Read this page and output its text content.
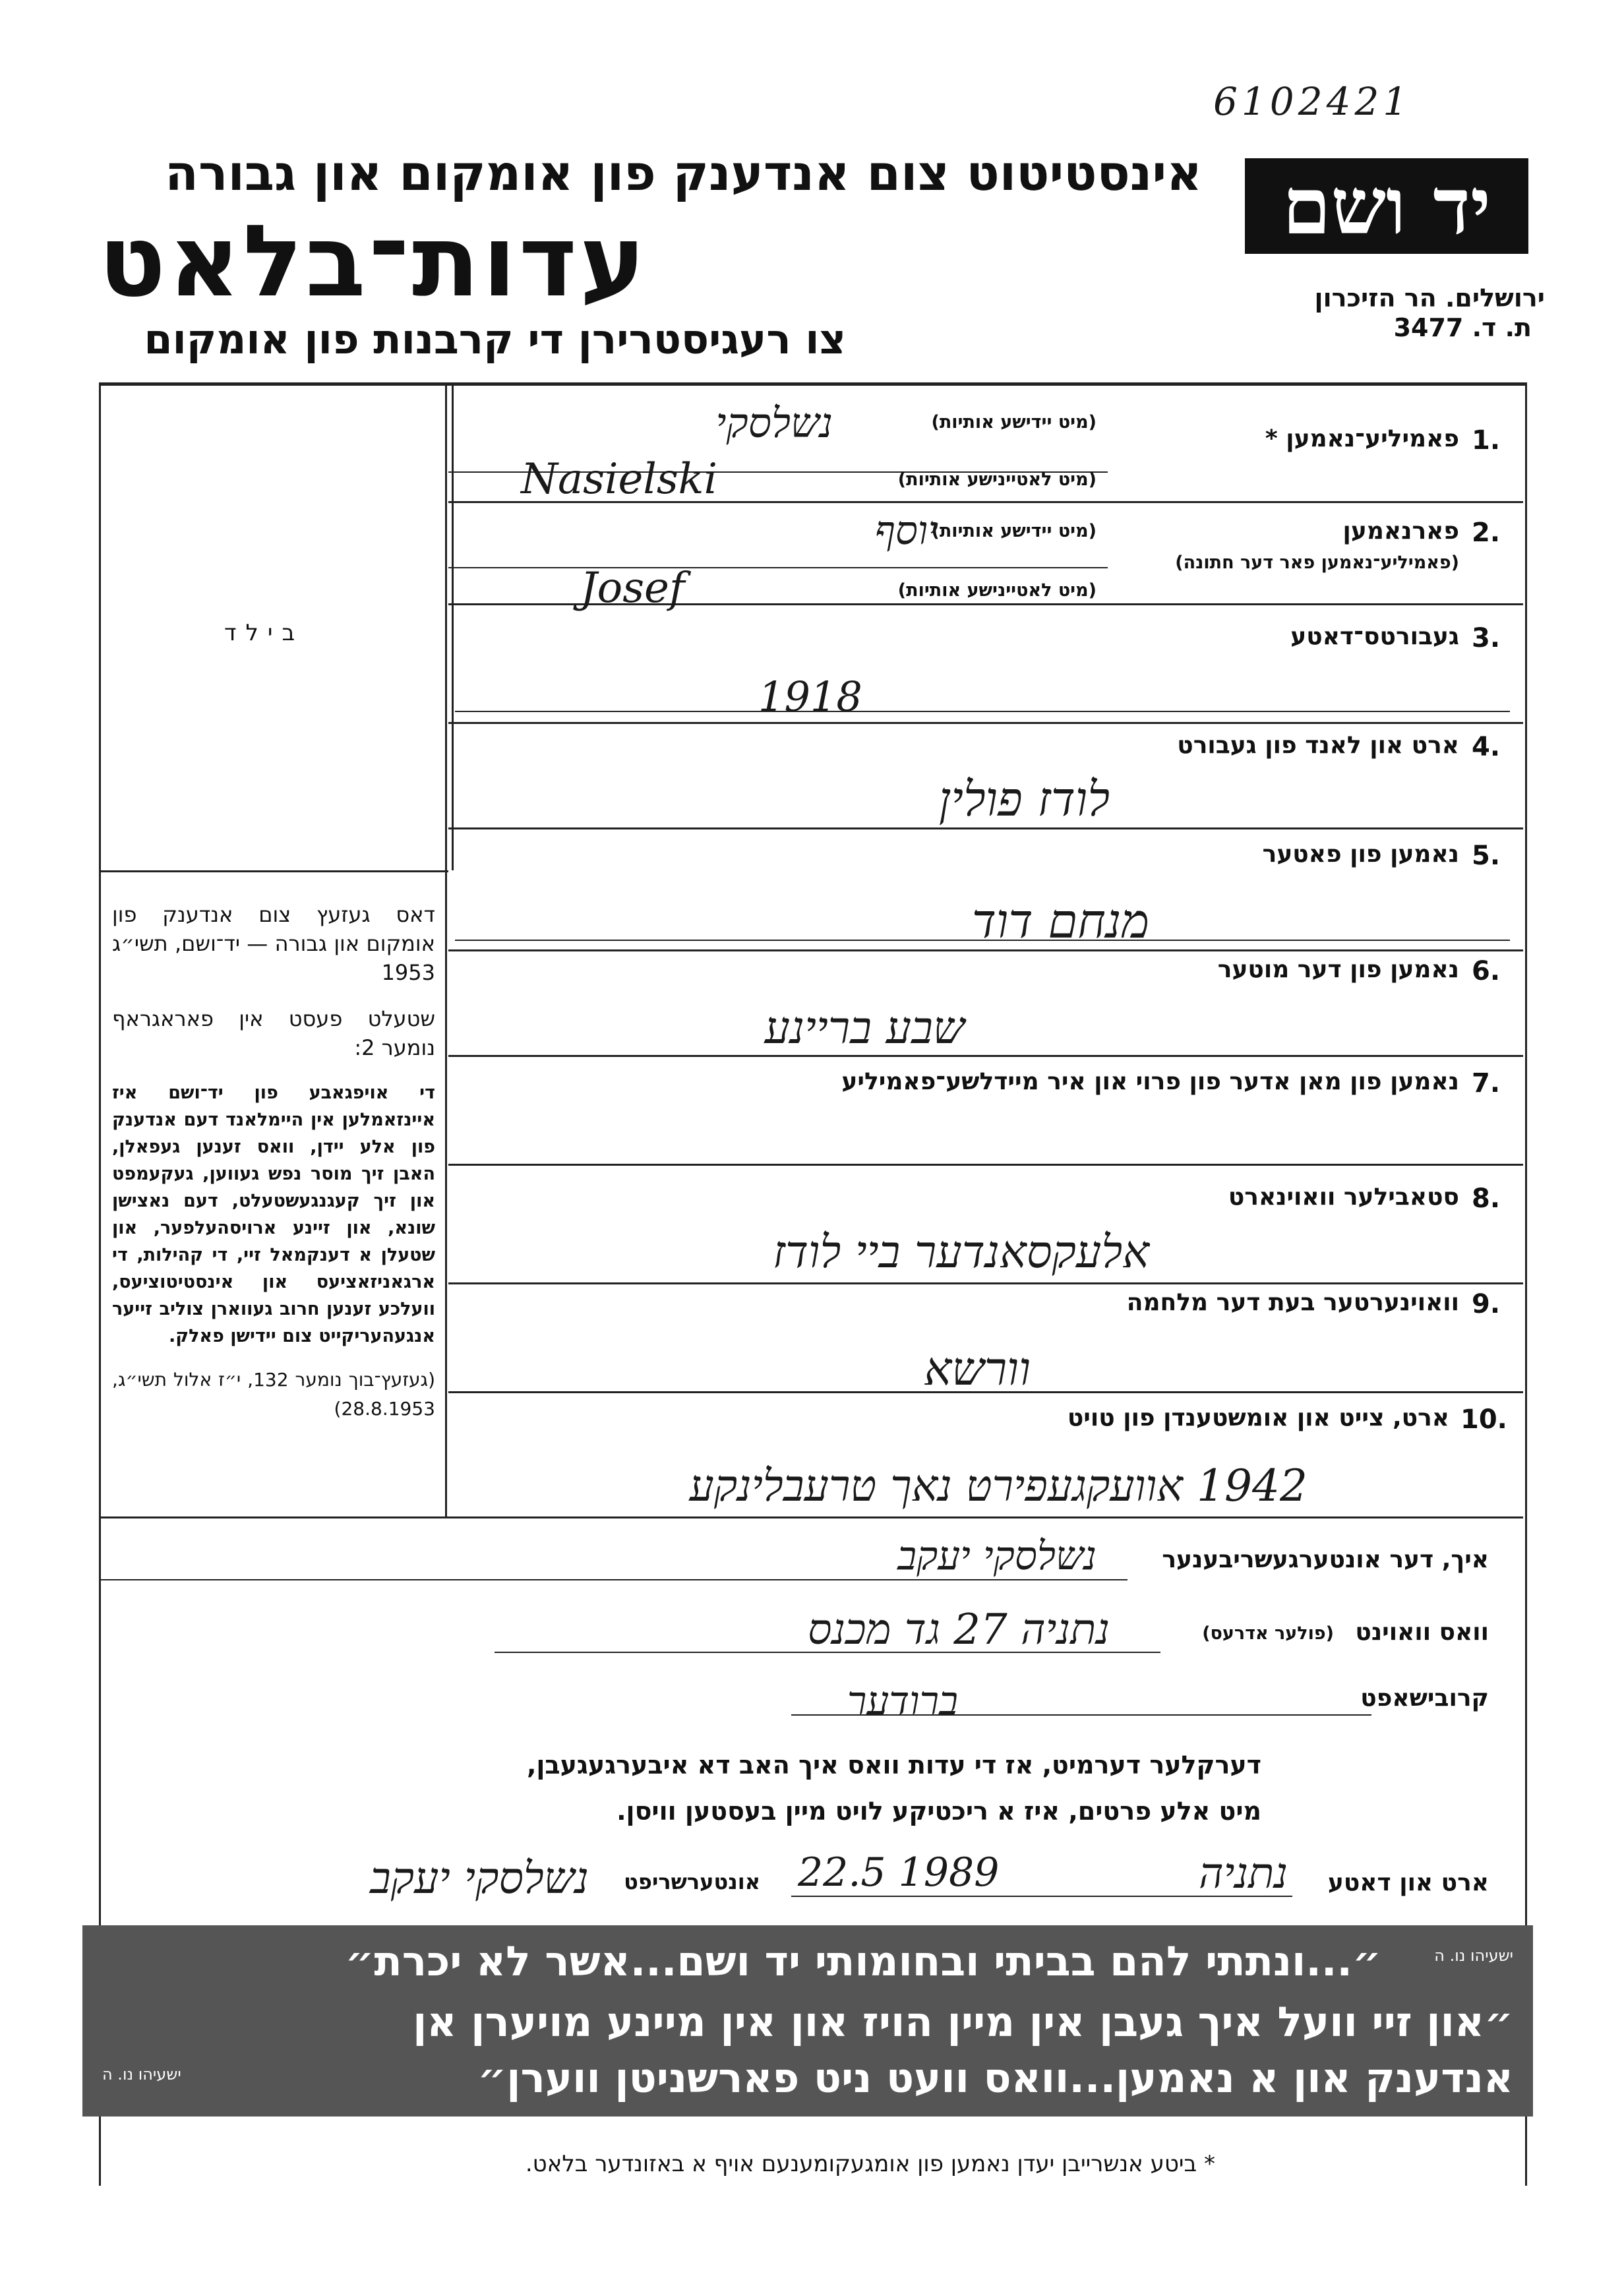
6102421
אינסטיטוט צום אנדענק פון אומקום און גבורה
עדות־בלאט
צו רעגיסטרירן די קרבנות פון אומקום
יד ושם
ירושלים. הר הזיכרון
ת. ד. 3477
בילד

דאס געזעץ צום אנדענק פון אומקום און גבורה — יד־ושם, תשי״ג 1953

שטעלט פעסט אין פאראגראף נומער 2:

די אויפגאבע פון יד־ושם איז איינזאמלען אין היימלאנד דעם אנדענק פון אלע יידן, וואס זענען געפאלן, האבן זיך מוסר נפש געווען, געקעמפט און זיך קעגנגעשטעלט, דעם נאצישן שונא, און זיינע ארויסהעלפער, און שטעלן א דענקמאל זיי, די קהילות, די ארגאניזאציעס און אינסטיטוציעס, וועלכע זענען חרוב געווארן צוליב זייער אנגעהעריקייט צום יידישן פאלק.

(געזעץ־בוך נומער 132, י״ז אלול תשי״ג, 28.8.1953)

1.
פאמיליע־נאמען *
(מיט יידישע אותיות)
(מיט לאטיינישע אותיות)
נשלסקי
Nasielski
2.
פארנאמען
(פאמיליע־נאמען פאר דער חתונה)
(מיט יידישע אותיות)
(מיט לאטיינישע אותיות)
יוסף
Josef
3.
געבורטס־דאטע
1918
4.
ארט און לאנד פון געבורט
לודז פולין
5.
נאמען פון פאטער
מנחם דוד
6.
נאמען פון דער מוטער
שבע בריינע
7.
נאמען פון מאן אדער פון פרוי און איר מיידלשע־פאמיליע
8.
סטאבילער וואוינארט
אלעקסאנדער ביי לודז
9.
וואוינערטער בעת דער מלחמה
וורשא
10.
ארט, צייט און אומשטענדן פון טויט
1942 אוועקגעפירט נאך טרעבלינקע
איך, דער אונטערגעשריבענער
נשלסקי יעקב
וואס וואוינט
(פולער אדרעס)
נתניה 27 גד מכנס
קרובישאפט
ברודער
דערקלער דערמיט, אז די עדות וואס איך האב דא איבערגעגעבן,
מיט אלע פרטים, איז א ריכטיקע לויט מיין בעסטען וויסן.
ארט און דאטע
נתניה
22.5 1989
אונטערשריפט
נשלסקי יעקב
״...ונתתי להם בביתי ובחומותי יד ושם...אשר לא יכרת״	ישעיהו נו. ה
״און זיי וועל איך געבן אין מיין הויז און אין מיינע מויערן אן
אנדענק און א נאמען...וואס וועט ניט פארשניטן ווערן״
ישעיהו נו. ה
* ביטע אנשרייבן יעדן נאמען פון אומגעקומענעם אויף א באזונדער בלאט.
